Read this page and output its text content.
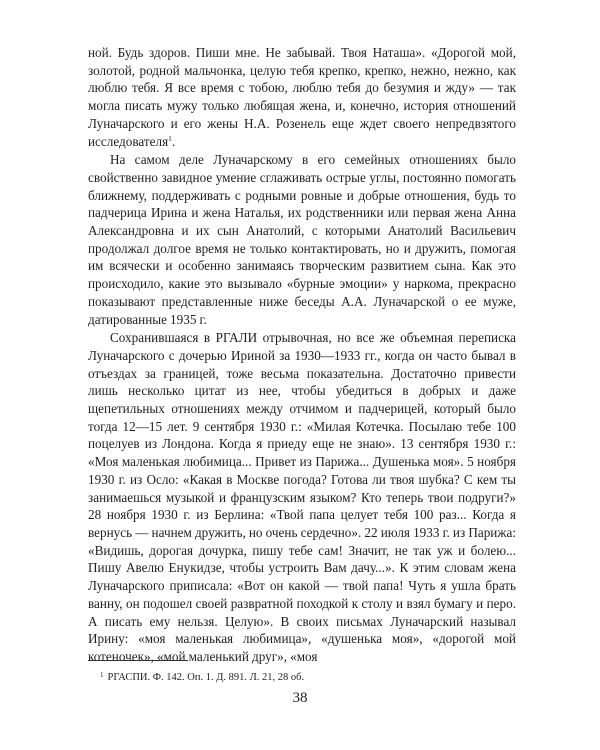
ной. Будь здоров. Пиши мне. Не забывай. Твоя Наташа». «Дорогой мой, золотой, родной мальчонка, целую тебя крепко, крепко, нежно, нежно, как люблю тебя. Я все время с тобою, люблю тебя до безумия и жду» — так могла писать мужу только любящая жена, и, конечно, история отношений Луначарского и его жены Н.А. Розенель еще ждет своего непредвзятого исследователя$^1$.

На самом деле Луначарскому в его семейных отношениях было свойственно завидное умение сглаживать острые углы, постоянно помогать ближнему, поддерживать с родными ровные и добрые отношения, будь то падчерица Ирина и жена Наталья, их родственники или первая жена Анна Александровна и их сын Анатолий, с которыми Анатолий Васильевич продолжал долгое время не только контактировать, но и дружить, помогая им всячески и особенно занимаясь творческим развитием сына. Как это происходило, какие это вызывало «бурные эмоции» у наркома, прекрасно показывают представленные ниже беседы А.А. Луначарской о ее муже, датированные 1935 г.

Сохранившаяся в РГАЛИ отрывочная, но все же объемная переписка Луначарского с дочерью Ириной за 1930—1933 гг., когда он часто бывал в отъездах за границей, тоже весьма показательна. Достаточно привести лишь несколько цитат из нее, чтобы убедиться в добрых и даже щепетильных отношениях между отчимом и падчерицей, который было тогда 12—15 лет. 9 сентября 1930 г.: «Милая Котечка. Посылаю тебе 100 поцелуев из Лондона. Когда я приеду еще не знаю». 13 сентября 1930 г.: «Моя маленькая любимица... Привет из Парижа... Душенька моя». 5 ноября 1930 г. из Осло: «Какая в Москве погода? Готова ли твоя шубка? С кем ты занимаешься музыкой и французским языком? Кто теперь твои подруги?» 28 ноября 1930 г. из Берлина: «Твой папа целует тебя 100 раз... Когда я вернусь — начнем дружить, но очень сердечно». 22 июля 1933 г. из Парижа: «Видишь, дорогая дочурка, пишу тебе сам! Значит, не так уж и болею... Пишу Авелю Енукидзе, чтобы устроить Вам дачу...». К этим словам жена Луначарского приписала: «Вот он какой — твой папа! Чуть я ушла брать ванну, он подошел своей развратной походкой к столу и взял бумагу и перо. А писать ему нельзя. Целую». В своих письмах Луначарский называл Ирину: «моя маленькая любимица», «душенька моя», «дорогой мой котеночек», «мой маленький друг», «моя

$^1$ РГАСПИ. Ф. 142. Оп. 1. Д. 891. Л. 21, 28 об.
38
